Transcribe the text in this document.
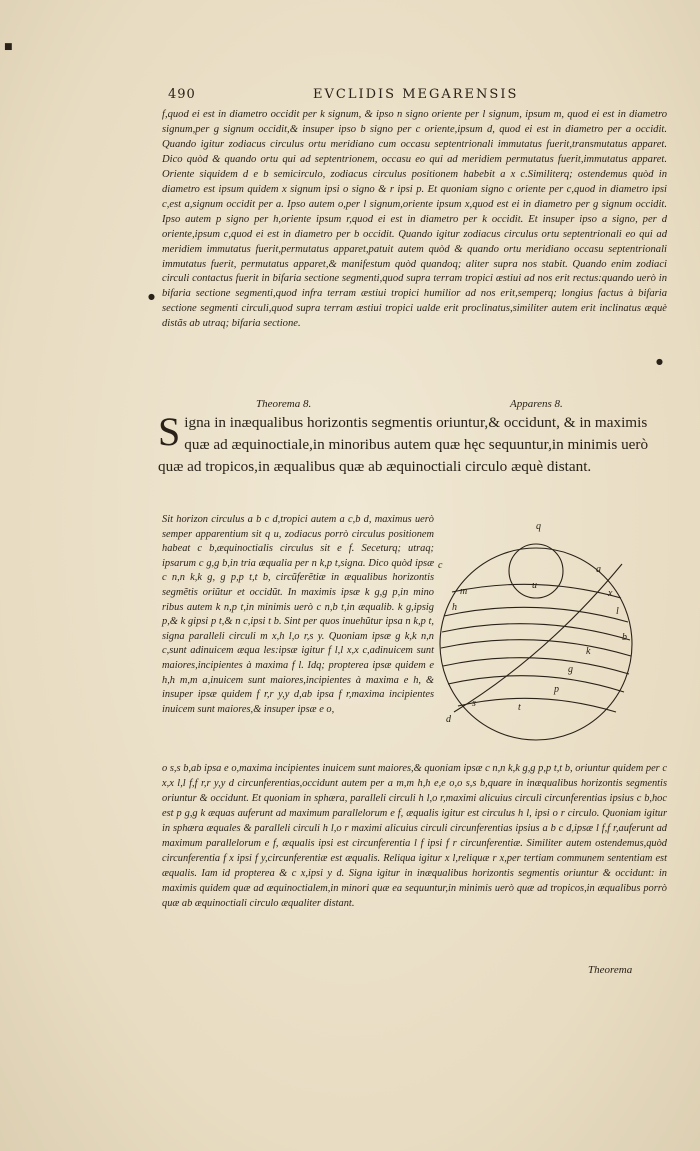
■
490	EVCLIDIS MEGARENSIS
f,quod ei est in diametro occidit per k signum, & ipso n signo oriente per l signum, ipsum m, quod ei est in diametro signum,per g signum occidit,& insuper ipso b signo per c oriente,ipsum d, quod ei est in diametro per a occidit. Quando igitur zodiacus circulus ortu meridiano cum occasu septentrionali immutatus fuerit,transmutatus apparet. Dico quòd & quando ortu qui ad septentrionem, occasu eo qui ad meridiem permutatus fuerit,immutatus apparet. Oriente siquidem d e b semicirculo, zodiacus circulus positionem habebit a x c.Similiterq; ostendemus quòd in diametro est ipsum quidem x signum ipsi o signo & r ipsi p. Et quoniam signo c oriente per c,quod in diametro ipsi c,est a,signum occidit per a. Ipso autem o,per l signum,oriente ipsum x,quod est ei in diametro per g signum occidit. Ipso autem p signo per h,oriente ipsum r,quod ei est in diametro per k occidit. Et insuper ipso a signo, per d oriente,ipsum c,quod ei est in diametro per b occidit. Quando igitur zodiacus circulus ortu septentrionali eo qui ad meridiem immutatus fuerit,permutatus apparet,patuit autem quòd & quando ortu meridiano occasu septentrionali immutatus fuerit, permutatus apparet,& manifestum quòd quandoq; aliter supra nos stabit. Quando enim zodiaci circuli contactus fuerit in bifaria sectione segmenti,quod supra terram tropici æstiui ad nos erit rectus:quando uerò in bifaria sectione segmenti,quod infra terram æstiui tropici humilior ad nos erit,semperq; longius factus à bifaria sectione segmenti circuli,quod supra terram æstiui tropici ualde erit proclinatus,similiter autem erit inclinatus æquè distãs ab utraq; bifaria sectione.
●
●
Theorema 8.	Apparens 8.
Signa in inæqualibus horizontis segmentis oriuntur,& occidunt, & in maximis quæ ad æquinoctiale,in minoribus autem quæ hęc sequuntur,in minimis uerò quæ ad tropicos,in æqualibus quæ ab æquinoctiali circulo æquè distant.
Sit horizon circulus a b c d,tropici autem a c,b d, maximus uerò semper apparentium sit q u, zodiacus porrò circulus positionem habeat c b,æquinoctialis circulus sit e f. Seceturq; utraq; ipsarum c g,g b,in tria æqualia per n k,p t,signa. Dico quòd ipsæ c n,n k,k g, g p,p t,t b, circũferẽtiæ in æqualibus horizontis segmẽtis oriũtur et occidũt. In maximis ipsæ k g,g p,in mino ribus autem k n,p t,in minimis uerò c n,b t,in æqualib. k g,ipsig p,& k gipsi p t,& n c,ipsi t b. Sint per quos inuehũtur ipsa n k,p t, signa paralleli circuli m x,h l,o r,s y. Quoniam ipsæ g k,k n,n c,sunt adinuicem æqua les:ipsæ igitur f l,l x,x c,adinuicem sunt maiores,incipientes à maxima f l. Idq; propterea ipsæ quidem e h,h m,m a,inuicem sunt maiores,incipientes à maxima e h, & insuper ipsæ quidem f r,r y,y d,ab ipsa f r,maxima incipientes inuicem sunt maiores,& insuper ipsæ e o,
q
u
c
m
h
a
x
l
k
g
p
t
s
d
b
o s,s b,ab ipsa e o,maxima incipientes inuicem sunt maiores,& quoniam ipsæ c n,n k,k g,g p,p t,t b, oriuntur quidem per c x,x l,l f,f r,r y,y d circunferentias,occidunt autem per a m,m h,h e,e o,o s,s b,quare in inæqualibus horizontis segmentis oriuntur & occidunt. Et quoniam in sphæra, paralleli circuli h l,o r,maximi alicuius circuli circunferentias ipsius c b,hoc est p g,g k æquas auferunt ad maximum parallelorum e f, æqualis igitur est circulus h l, ipsi o r circulo. Quoniam igitur in sphæra æquales & paralleli circuli h l,o r maximi alicuius circuli circunferentias ipsius a b c d,ipsæ l f,f r,auferunt ad maximum parallelorum e f, æqualis ipsi est circunferentia l f ipsi f r circunferentiæ. Similiter autem ostendemus,quòd circunferentia f x ipsi f y,circunferentiæ est æqualis. Reliqua igitur x l,reliquæ r x,per tertiam communem sententiam est æqualis. Iam id propterea & c x,ipsi y d. Signa igitur in inæqualibus horizontis segmentis oriuntur & occidunt: in maximis quidem quæ ad æquinoctialem,in minori quæ ea sequuntur,in minimis uerò quæ ad tropicos,in æqualibus porrò quæ ab æquinoctiali circulo æqualiter distant.
Theorema
